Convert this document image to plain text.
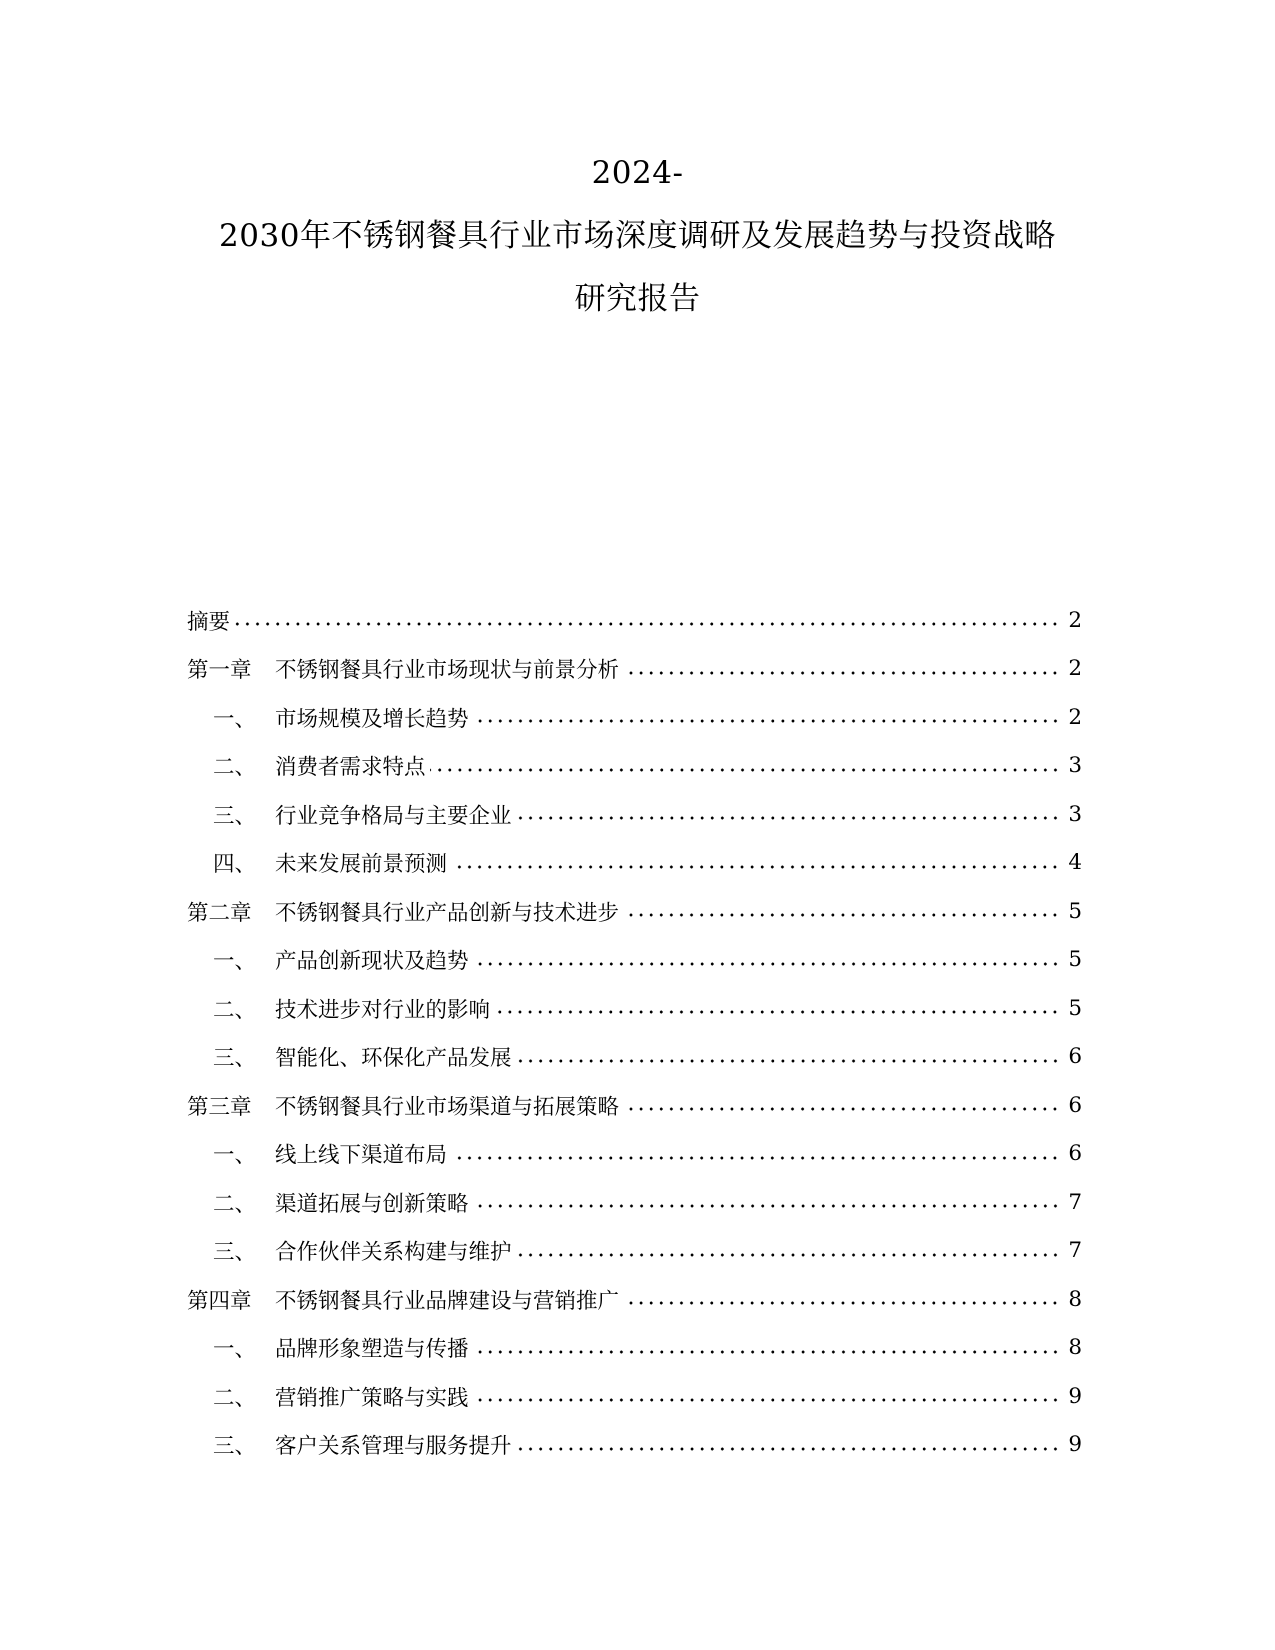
2024-
2030年不锈钢餐具行业市场深度调研及发展趋势与投资战略
研究报告
摘要	2
第一章	不锈钢餐具行业市场现状与前景分析	2
一、 市场规模及增长趋势	2
二、 消费者需求特点	3
三、 行业竞争格局与主要企业	3
四、 未来发展前景预测	4
第二章	不锈钢餐具行业产品创新与技术进步	5
一、 产品创新现状及趋势	5
二、 技术进步对行业的影响	5
三、 智能化、环保化产品发展	6
第三章	不锈钢餐具行业市场渠道与拓展策略	6
一、 线上线下渠道布局	6
二、 渠道拓展与创新策略	7
三、 合作伙伴关系构建与维护	7
第四章	不锈钢餐具行业品牌建设与营销推广	8
一、 品牌形象塑造与传播	8
二、 营销推广策略与实践	9
三、 客户关系管理与服务提升	9
